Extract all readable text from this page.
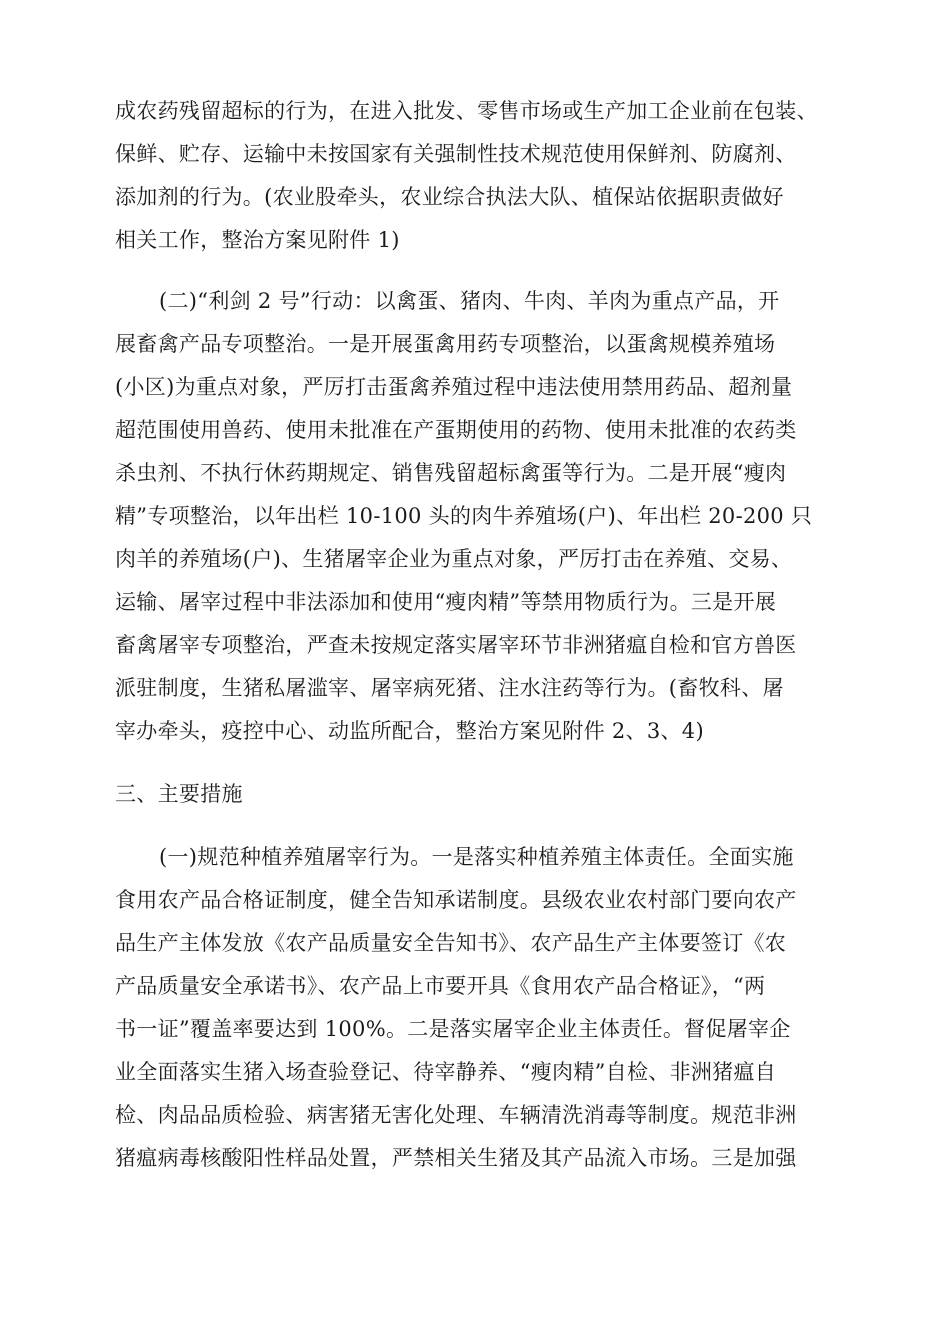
成农药残留超标的行为，在进入批发、零售市场或生产加工企业前在包装、
保鲜、贮存、运输中未按国家有关强制性技术规范使用保鲜剂、防腐剂、
添加剂的行为。(农业股牵头，农业综合执法大队、植保站依据职责做好
相关工作，整治方案见附件 1)
(二)“利剑 2 号”行动：以禽蛋、猪肉、牛肉、羊肉为重点产品，开
展畜禽产品专项整治。一是开展蛋禽用药专项整治，以蛋禽规模养殖场
(小区)为重点对象，严厉打击蛋禽养殖过程中违法使用禁用药品、超剂量
超范围使用兽药、使用未批准在产蛋期使用的药物、使用未批准的农药类
杀虫剂、不执行休药期规定、销售残留超标禽蛋等行为。二是开展“瘦肉
精”专项整治，以年出栏 10-100 头的肉牛养殖场(户)、年出栏 20-200 只
肉羊的养殖场(户)、生猪屠宰企业为重点对象，严厉打击在养殖、交易、
运输、屠宰过程中非法添加和使用“瘦肉精”等禁用物质行为。三是开展
畜禽屠宰专项整治，严查未按规定落实屠宰环节非洲猪瘟自检和官方兽医
派驻制度，生猪私屠滥宰、屠宰病死猪、注水注药等行为。(畜牧科、屠
宰办牵头，疫控中心、动监所配合，整治方案见附件 2、3、4)
三、主要措施
(一)规范种植养殖屠宰行为。一是落实种植养殖主体责任。全面实施
食用农产品合格证制度，健全告知承诺制度。县级农业农村部门要向农产
品生产主体发放《农产品质量安全告知书》、农产品生产主体要签订《农
产品质量安全承诺书》、农产品上市要开具《食用农产品合格证》，“两
书一证”覆盖率要达到 100%。二是落实屠宰企业主体责任。督促屠宰企
业全面落实生猪入场查验登记、待宰静养、“瘦肉精”自检、非洲猪瘟自
检、肉品品质检验、病害猪无害化处理、车辆清洗消毒等制度。规范非洲
猪瘟病毒核酸阳性样品处置，严禁相关生猪及其产品流入市场。三是加强
